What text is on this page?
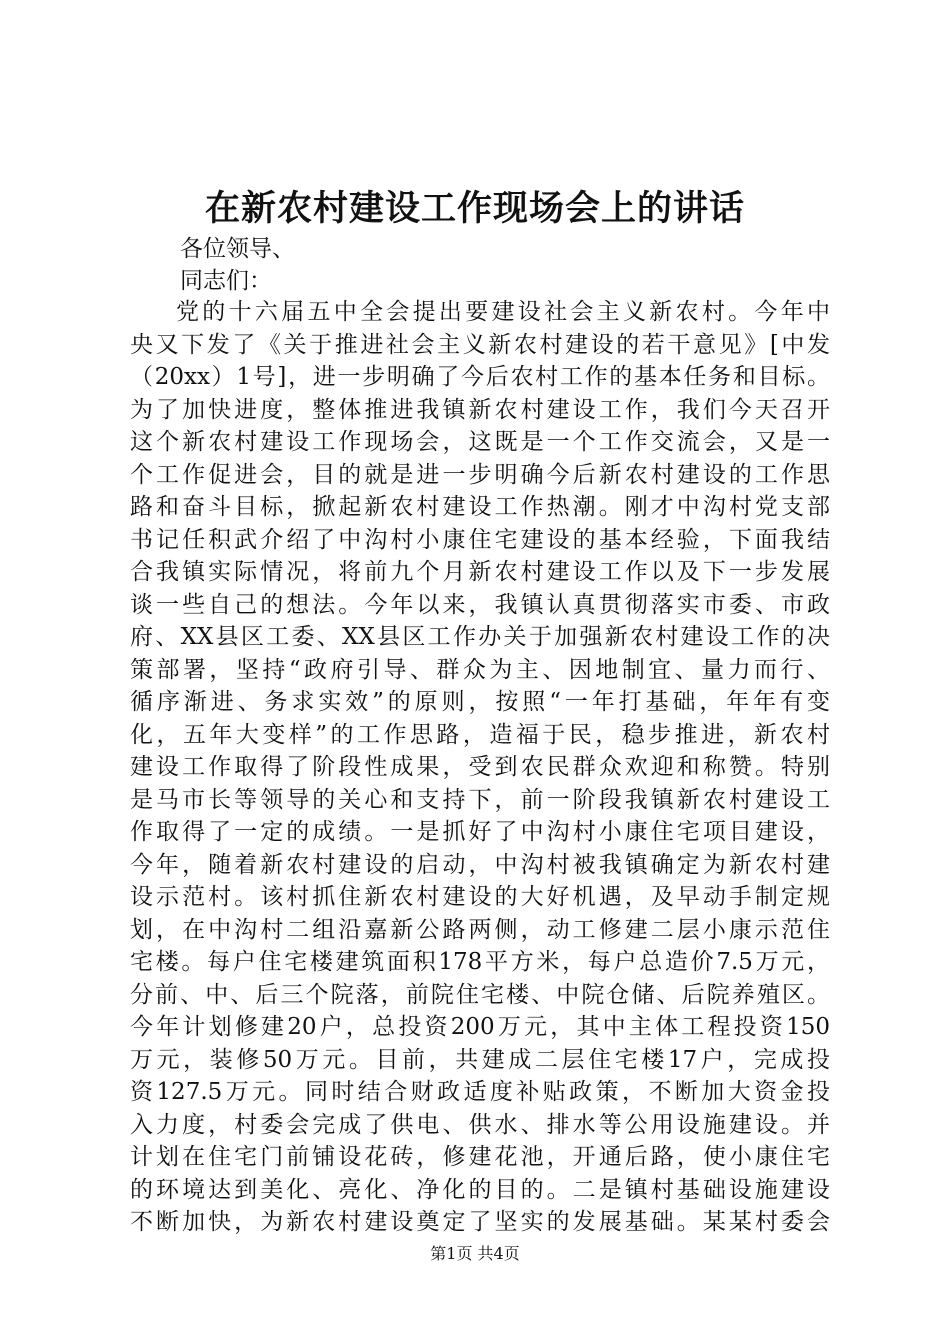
在新农村建设工作现场会上的讲话

各位领导、

同志们：

党的十六届五中全会提出要建设社会主义新农村。今年中
央又下发了《关于推进社会主义新农村建设的若干意见》[中发
（20xx）1号]，进一步明确了今后农村工作的基本任务和目标。
为了加快进度，整体推进我镇新农村建设工作，我们今天召开
这个新农村建设工作现场会，这既是一个工作交流会，又是一
个工作促进会，目的就是进一步明确今后新农村建设的工作思
路和奋斗目标，掀起新农村建设工作热潮。刚才中沟村党支部
书记任积武介绍了中沟村小康住宅建设的基本经验，下面我结
合我镇实际情况，将前九个月新农村建设工作以及下一步发展
谈一些自己的想法。今年以来，我镇认真贯彻落实市委、市政
府、XX县区工委、XX县区工作办关于加强新农村建设工作的决
策部署，坚持“政府引导、群众为主、因地制宜、量力而行、
循序渐进、务求实效”的原则，按照“一年打基础，年年有变
化，五年大变样”的工作思路，造福于民，稳步推进，新农村
建设工作取得了阶段性成果，受到农民群众欢迎和称赞。特别
是马市长等领导的关心和支持下，前一阶段我镇新农村建设工
作取得了一定的成绩。一是抓好了中沟村小康住宅项目建设，
今年，随着新农村建设的启动，中沟村被我镇确定为新农村建
设示范村。该村抓住新农村建设的大好机遇，及早动手制定规
划，在中沟村二组沿嘉新公路两侧，动工修建二层小康示范住
宅楼。每户住宅楼建筑面积178平方米，每户总造价7.5万元，
分前、中、后三个院落，前院住宅楼、中院仓储、后院养殖区。
今年计划修建20户，总投资200万元，其中主体工程投资150
万元，装修50万元。目前，共建成二层住宅楼17户，完成投
资127.5万元。同时结合财政适度补贴政策，不断加大资金投
入力度，村委会完成了供电、供水、排水等公用设施建设。并
计划在住宅门前铺设花砖，修建花池，开通后路，使小康住宅
的环境达到美化、亮化、净化的目的。二是镇村基础设施建设
不断加快，为新农村建设奠定了坚实的发展基础。某某村委会

第1页 共4页
